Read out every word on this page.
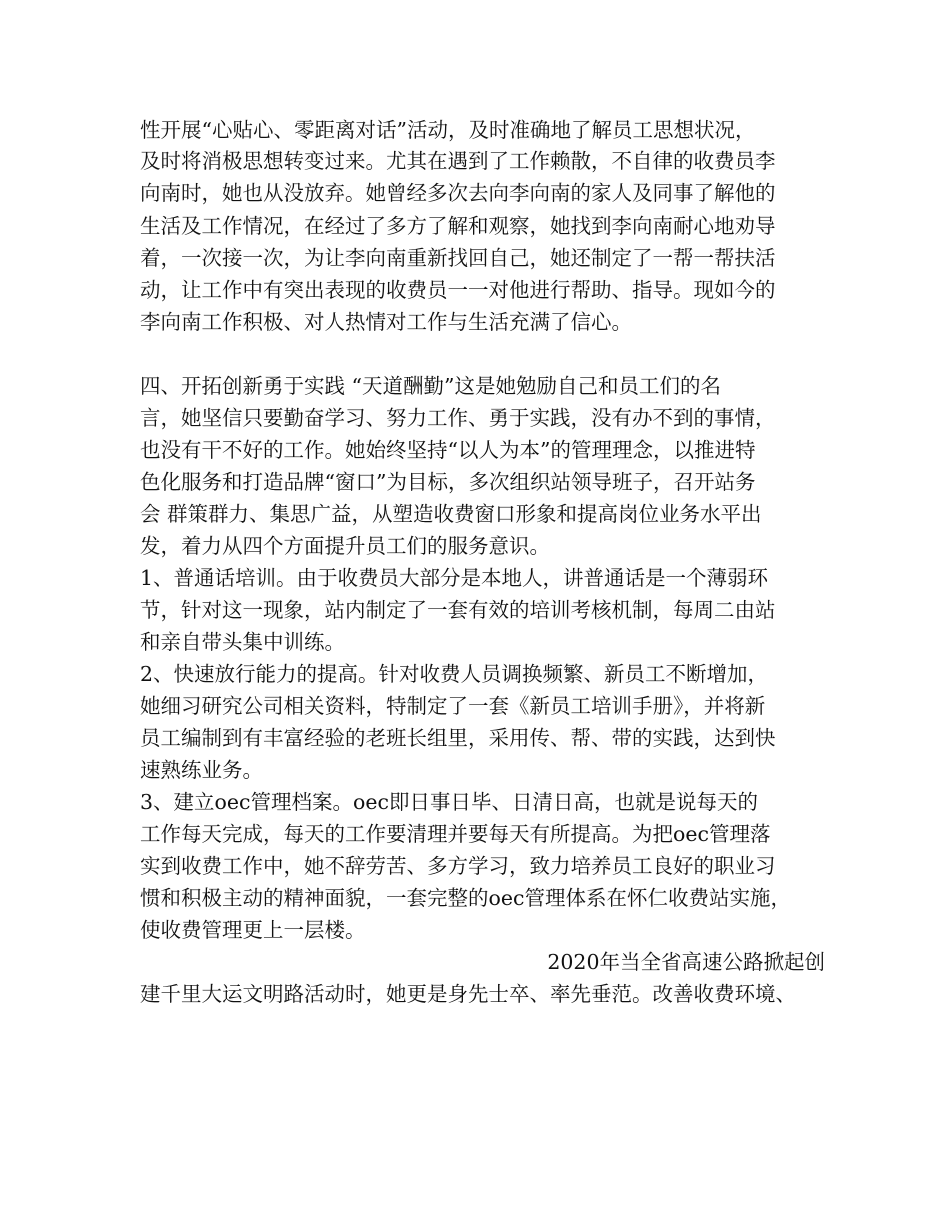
性开展“心贴心、零距离对话”活动，及时准确地了解员工思想状况，
及时将消极思想转变过来。尤其在遇到了工作赖散，不自律的收费员李
向南时，她也从没放弃。她曾经多次去向李向南的家人及同事了解他的
生活及工作情况，在经过了多方了解和观察，她找到李向南耐心地劝导
着，一次接一次，为让李向南重新找回自己，她还制定了一帮一帮扶活
动，让工作中有突出表现的收费员一一对他进行帮助、指导。现如今的
李向南工作积极、对人热情对工作与生活充满了信心。
四、开拓创新勇于实践 “天道酬勤”这是她勉励自己和员工们的名
言，她坚信只要勤奋学习、努力工作、勇于实践，没有办不到的事情，
也没有干不好的工作。她始终坚持“以人为本”的管理理念，以推进特
色化服务和打造品牌“窗口”为目标，多次组织站领导班子，召开站务
会 群策群力、集思广益，从塑造收费窗口形象和提高岗位业务水平出
发，着力从四个方面提升员工们的服务意识。
1、普通话培训。由于收费员大部分是本地人，讲普通话是一个薄弱环
节，针对这一现象，站内制定了一套有效的培训考核机制，每周二由站
和亲自带头集中训练。
2、快速放行能力的提高。针对收费人员调换频繁、新员工不断增加，
她细习研究公司相关资料，特制定了一套《新员工培训手册》，并将新
员工编制到有丰富经验的老班长组里，采用传、帮、带的实践，达到快
速熟练业务。
3、建立oec管理档案。oec即日事日毕、日清日高，也就是说每天的
工作每天完成，每天的工作要清理并要每天有所提高。为把oec管理落
实到收费工作中，她不辞劳苦、多方学习，致力培养员工良好的职业习
惯和积极主动的精神面貌，一套完整的oec管理体系在怀仁收费站实施，
使收费管理更上一层楼。
2020年当全省高速公路掀起创
建千里大运文明路活动时，她更是身先士卒、率先垂范。改善收费环境、
